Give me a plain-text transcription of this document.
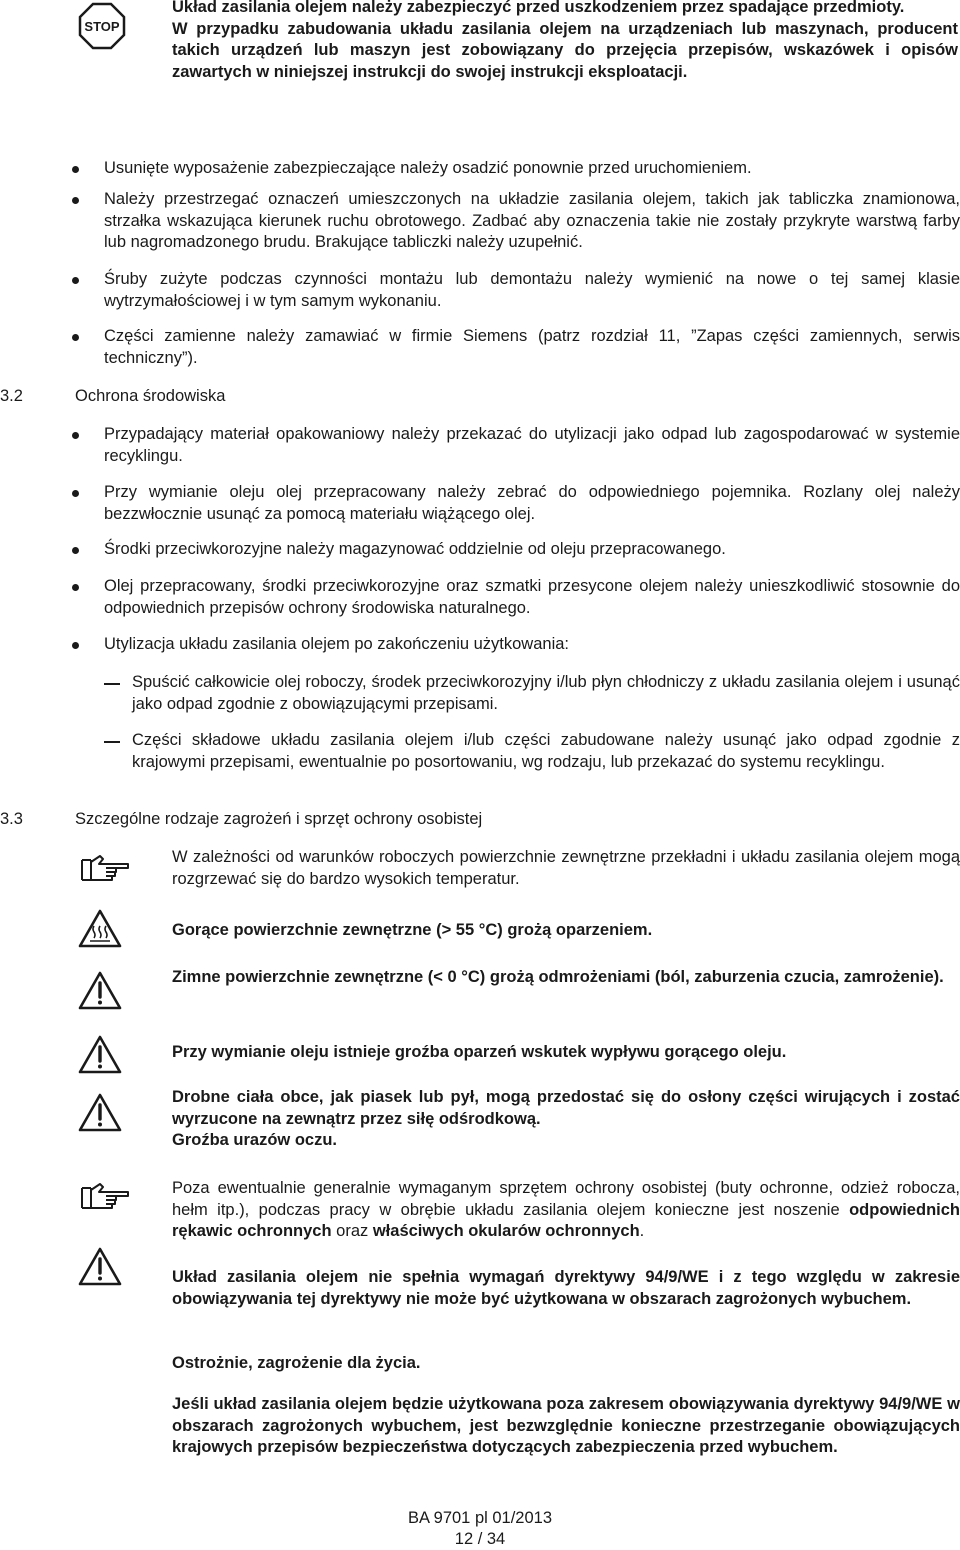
STOP
Układ zasilania olejem należy zabezpieczyć przed uszkodzeniem przez spadające przedmioty.
W przypadku zabudowania układu zasilania olejem na urządzeniach lub maszynach, producent takich urządzeń lub maszyn jest zobowiązany do przejęcia przepisów, wskazówek i opisów zawartych w niniejszej instrukcji do swojej instrukcji eksploatacji.

Usunięte wyposażenie zabezpieczające należy osadzić ponownie przed uruchomieniem.

Należy przestrzegać oznaczeń umieszczonych na układzie zasilania olejem, takich jak tabliczka znamionowa, strzałka wskazująca kierunek ruchu obrotowego. Zadbać aby oznaczenia takie nie zostały przykryte warstwą farby lub nagromadzonego brudu. Brakujące tabliczki należy uzupełnić.

Śruby zużyte podczas czynności montażu lub demontażu należy wymienić na nowe o tej samej klasie wytrzymałościowej i w tym samym wykonaniu.

Części zamienne należy zamawiać w firmie Siemens (patrz rozdział 11, ”Zapas części zamiennych, serwis techniczny”).

3.2	Ochrona środowiska

Przypadający materiał opakowaniowy należy przekazać do utylizacji jako odpad lub zagospodarować w systemie recyklingu.

Przy wymianie oleju olej przepracowany należy zebrać do odpowiedniego pojemnika. Rozlany olej należy bezzwłocznie usunąć za pomocą materiału wiążącego olej.

Środki przeciwkorozyjne należy magazynować oddzielnie od oleju przepracowanego.

Olej przepracowany, środki przeciwkorozyjne oraz szmatki przesycone olejem należy unieszkodliwić stosownie do odpowiednich przepisów ochrony środowiska naturalnego.

Utylizacja układu zasilania olejem po zakończeniu użytkowania:

Spuścić całkowicie olej roboczy, środek przeciwkorozyjny i/lub płyn chłodniczy z układu zasilania olejem i usunąć jako odpad zgodnie z obowiązującymi przepisami.

Części składowe układu zasilania olejem i/lub części zabudowane należy usunąć jako odpad zgodnie z krajowymi przepisami, ewentualnie po posortowaniu, wg rodzaju, lub przekazać do systemu recyklingu.

3.3	Szczególne rodzaje zagrożeń i sprzęt ochrony osobistej

W zależności od warunków roboczych powierzchnie zewnętrzne przekładni i układu zasilania olejem mogą rozgrzewać się do bardzo wysokich temperatur.

Gorące powierzchnie zewnętrzne (> 55 °C) grożą oparzeniem.

Zimne powierzchnie zewnętrzne (< 0 °C) grożą odmrożeniami (ból, zaburzenia czucia, zamrożenie).

Przy wymianie oleju istnieje groźba oparzeń wskutek wypływu gorącego oleju.

Drobne ciała obce, jak piasek lub pył, mogą przedostać się do osłony części wirujących i zostać wyrzucone na zewnątrz przez siłę odśrodkową.
Groźba urazów oczu.

Poza ewentualnie generalnie wymaganym sprzętem ochrony osobistej (buty ochronne, odzież robocza, hełm itp.), podczas pracy w obrębie układu zasilania olejem konieczne jest noszenie odpowiednich rękawic ochronnych oraz właściwych okularów ochronnych.

Układ zasilania olejem nie spełnia wymagań dyrektywy 94/9/WE i z tego względu w zakresie obowiązywania tej dyrektywy nie może być użytkowana w obszarach zagrożonych wybuchem.

Ostrożnie, zagrożenie dla życia.

Jeśli układ zasilania olejem będzie użytkowana poza zakresem obowiązywania dyrektywy 94/9/WE w obszarach zagrożonych wybuchem, jest bezwzględnie konieczne przestrzeganie obowiązujących krajowych przepisów bezpieczeństwa dotyczących zabezpieczenia przed wybuchem.

BA 9701 pl 01/2013
12 / 34
